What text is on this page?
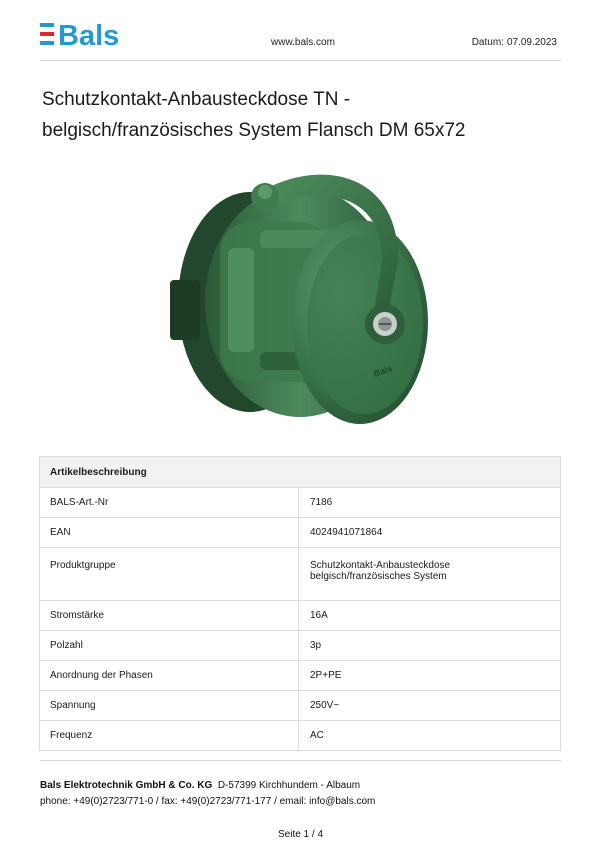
Bals	www.bals.com	Datum: 07.09.2023
Schutzkontakt-Anbausteckdose TN -
belgisch/französisches System Flansch DM 65x72
Bals
Artikelbeschreibung	
BALS-Art.-Nr	7186
EAN	4024941071864
Produktgruppe	Schutzkontakt-Anbausteckdose
belgisch/französisches System

Stromstärke	16A
Polzahl	3p
Anordnung der Phasen	2P+PE
Spannung	250V~
Frequenz	AC
Bals Elektrotechnik GmbH & Co. KG D-57399 Kirchhundem - Albaum
phone: +49(0)2723/771-0 / fax: +49(0)2723/771-177 / email: info@bals.com
Seite 1 / 4
